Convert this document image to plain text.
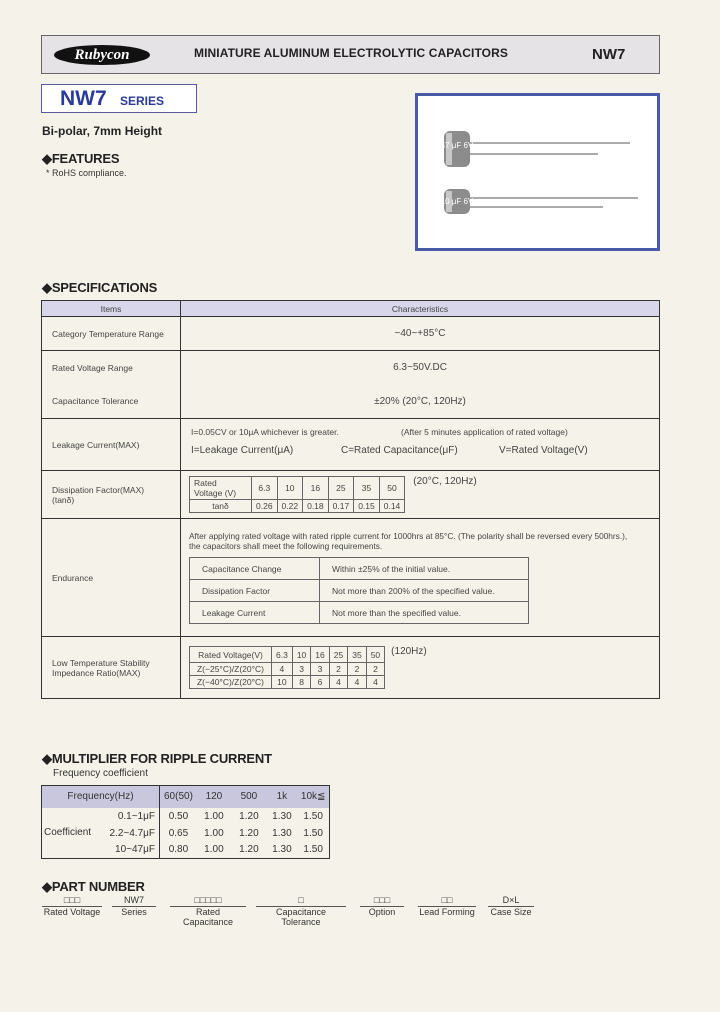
Rubycon	MINIATURE ALUMINUM ELECTROLYTIC CAPACITORS	NW7
NW7 SERIES
Bi-polar, 7mm Height
◆FEATURES
* RoHS compliance.
47 μF 6V
10 μF 6V
◆SPECIFICATIONS
Items	Characteristics
Category Temperature Range	−40~+85°C
Rated Voltage Range	6.3~50V.DC
Capacitance Tolerance	±20% (20°C, 120Hz)
Leakage Current(MAX)	
I=0.05CV or 10μA whichever is greater.	(After 5 minutes application of rated voltage)
I=Leakage Current(μA)	C=Rated Capacitance(μF)	V=Rated Voltage(V)

Dissipation Factor(MAX)
(tanδ)

Rated Voltage (V)	6.3	10	16	25	35	50
tanδ	0.26	0.22	0.18	0.17	0.15	0.14
(20°C, 120Hz)

Endurance	
After applying rated voltage with rated ripple current for 1000hrs at 85°C. (The polarity shall be reversed every 500hrs.),
the capacitors shall meet the following requirements.
Capacitance Change	Within ±25% of the initial value.
Dissipation Factor	Not more than 200% of the specified value.
Leakage Current	Not more than the specified value.

Low Temperature Stability
Impedance Ratio(MAX)

Rated Voltage(V)	6.3	10	16	25	35	50
Z(−25°C)/Z(20°C)	4	3	3	2	2	2
Z(−40°C)/Z(20°C)	10	8	6	4	4	4
(120Hz)
◆MULTIPLIER FOR RIPPLE CURRENT
Frequency coefficient
Frequency(Hz)		60(50)	120	500	1k	10k≦
Coefficient	0.1~1μF	0.50	1.00	1.20	1.30	1.50
	2.2~4.7μF	0.65	1.00	1.20	1.30	1.50
	10~47μF	0.80	1.00	1.20	1.30	1.50
◆PART NUMBER
□□□
Rated Voltage
NW7
Series
□□□□□
Rated Capacitance
□
Capacitance Tolerance
□□□
Option
□□
Lead Forming
D×L
Case Size
